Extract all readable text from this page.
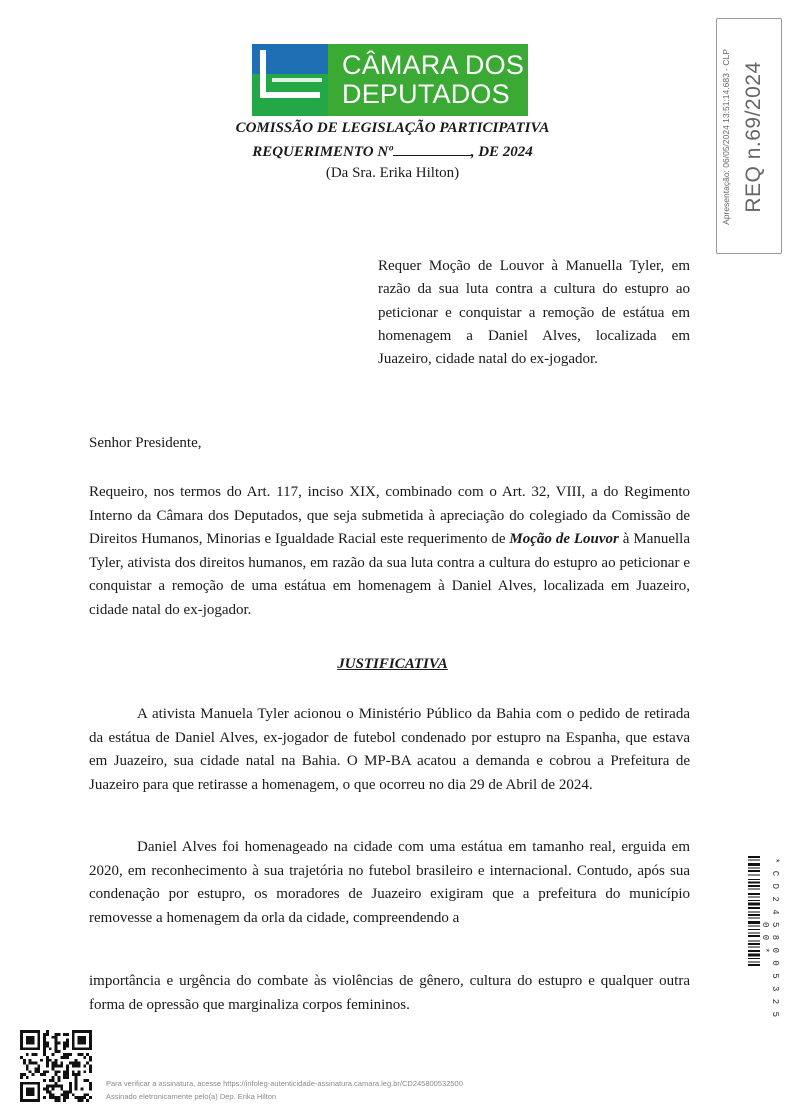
CÂMARA DOS
DEPUTADOS
COMISSÃO DE LEGISLAÇÃO PARTICIPATIVA
REQUERIMENTO Nº	, DE 2024
(Da Sra. Erika Hilton)	Apresentação: 06/05/2024 13:51:14.683 - CLP REQ n.69/2024
Requer Moção de Louvor à Manuella Tyler, em razão da sua luta contra a cultura do estupro ao peticionar e conquistar a remoção de estátua em homenagem a Daniel Alves, localizada em Juazeiro, cidade natal do ex-jogador.
Senhor Presidente,
Requeiro, nos termos do Art. 117, inciso XIX, combinado com o Art. 32, VIII, a do Regimento Interno da Câmara dos Deputados, que seja submetida à apreciação do colegiado da Comissão de Direitos Humanos, Minorias e Igualdade Racial este requerimento de Moção de Louvor à Manuella Tyler, ativista dos direitos humanos, em razão da sua luta contra a cultura do estupro ao peticionar e conquistar a remoção de uma estátua em homenagem à Daniel Alves, localizada em Juazeiro, cidade natal do ex-jogador.
JUSTIFICATIVA
A ativista Manuela Tyler acionou o Ministério Público da Bahia com o pedido de retirada da estátua de Daniel Alves, ex-jogador de futebol condenado por estupro na Espanha, que estava em Juazeiro, sua cidade natal na Bahia. O MP-BA acatou a demanda e cobrou a Prefeitura de Juazeiro para que retirasse a homenagem, o que ocorreu no dia 29 de Abril de 2024.
Daniel Alves foi homenageado na cidade com uma estátua em tamanho real, erguida em 2020, em reconhecimento à sua trajetória no futebol brasileiro e internacional. Contudo, após sua condenação por estupro, os moradores de Juazeiro exigiram que a prefeitura do município removesse a homenagem da orla da cidade, compreendendo a
importância e urgência do combate às violências de gênero, cultura do estupro e qualquer outra forma de opressão que marginaliza corpos femininos.	* C D 2 4 5 8 0 0 5 3 2 5 0 0 *
Para verificar a assinatura, acesse https://infoleg-autenticidade-assinatura.camara.leg.br/CD245800532500
Assinado eletronicamente pelo(a) Dep. Erika Hilton
